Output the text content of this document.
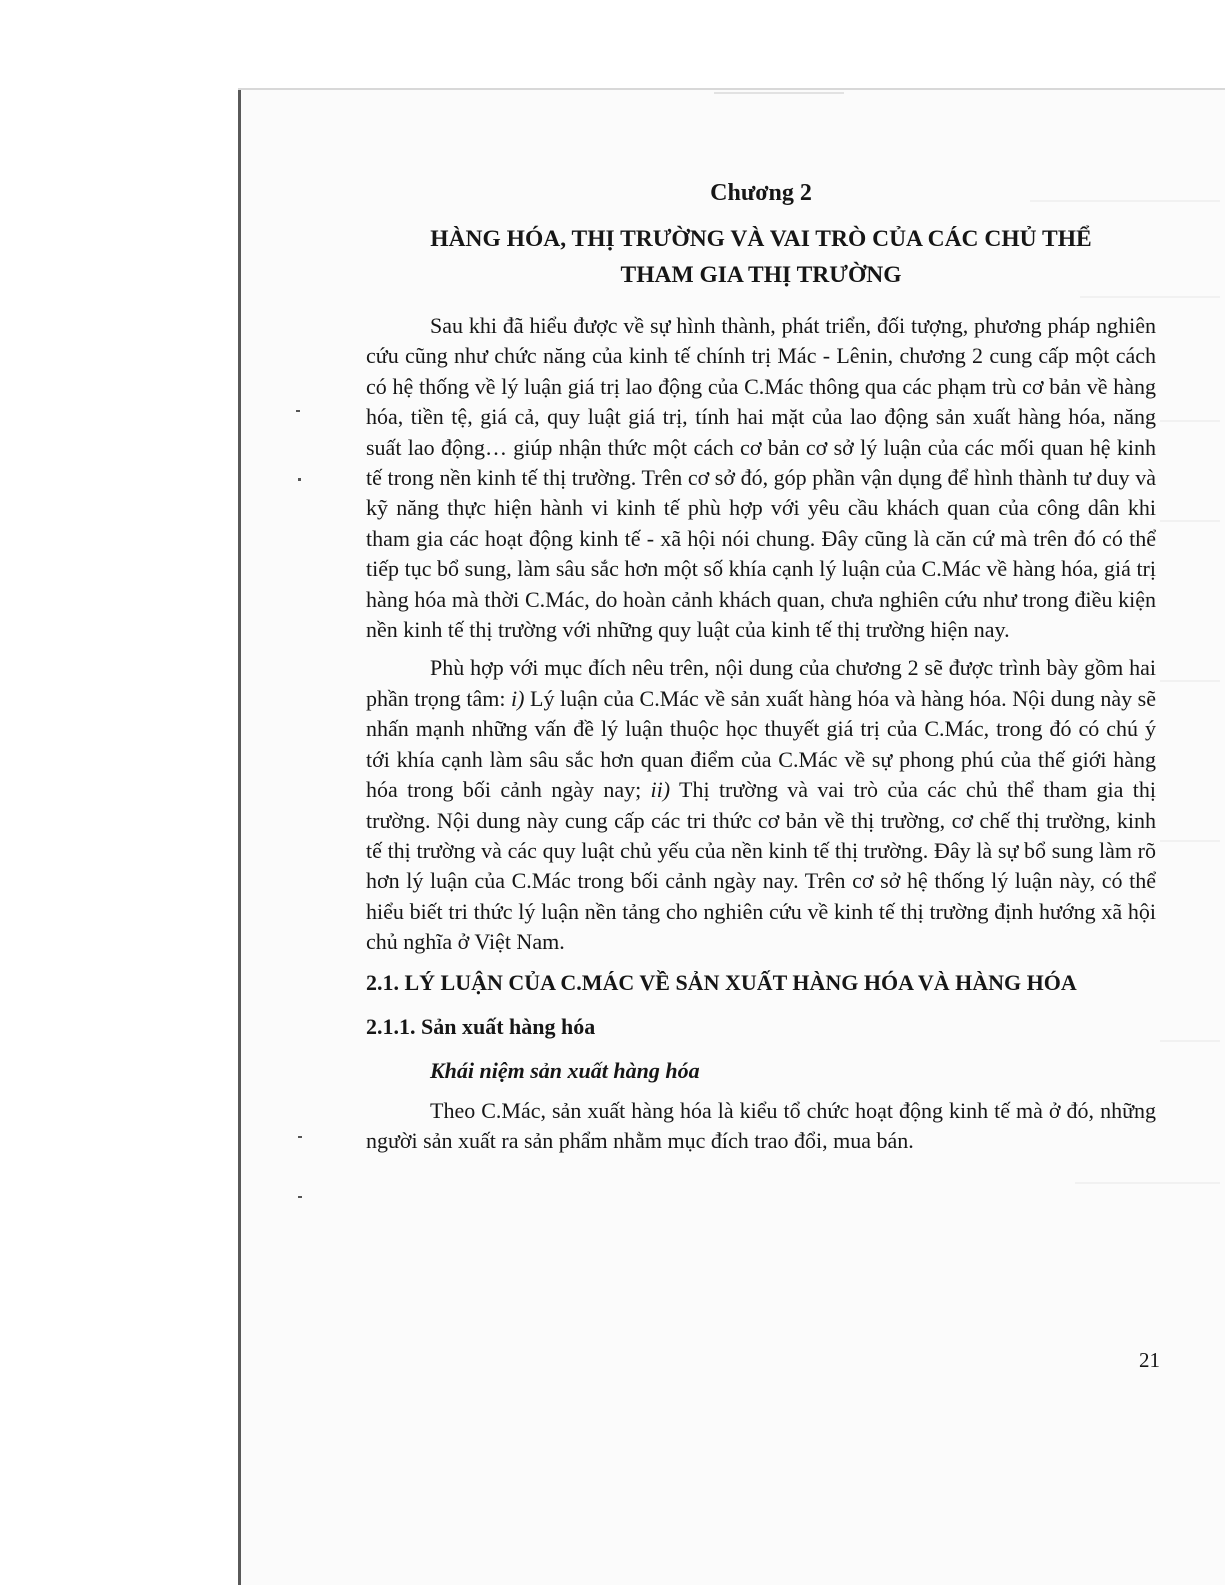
Chương 2
HÀNG HÓA, THỊ TRƯỜNG VÀ VAI TRÒ CỦA CÁC CHỦ THỂ
THAM GIA THỊ TRƯỜNG

Sau khi đã hiểu được về sự hình thành, phát triển, đối tượng, phương pháp nghiên cứu cũng như chức năng của kinh tế chính trị Mác - Lênin, chương 2 cung cấp một cách có hệ thống về lý luận giá trị lao động của C.Mác thông qua các phạm trù cơ bản về hàng hóa, tiền tệ, giá cả, quy luật giá trị, tính hai mặt của lao động sản xuất hàng hóa, năng suất lao động… giúp nhận thức một cách cơ bản cơ sở lý luận của các mối quan hệ kinh tế trong nền kinh tế thị trường. Trên cơ sở đó, góp phần vận dụng để hình thành tư duy và kỹ năng thực hiện hành vi kinh tế phù hợp với yêu cầu khách quan của công dân khi tham gia các hoạt động kinh tế - xã hội nói chung. Đây cũng là căn cứ mà trên đó có thể tiếp tục bổ sung, làm sâu sắc hơn một số khía cạnh lý luận của C.Mác về hàng hóa, giá trị hàng hóa mà thời C.Mác, do hoàn cảnh khách quan, chưa nghiên cứu như trong điều kiện nền kinh tế thị trường với những quy luật của kinh tế thị trường hiện nay.

Phù hợp với mục đích nêu trên, nội dung của chương 2 sẽ được trình bày gồm hai phần trọng tâm: i) Lý luận của C.Mác về sản xuất hàng hóa và hàng hóa. Nội dung này sẽ nhấn mạnh những vấn đề lý luận thuộc học thuyết giá trị của C.Mác, trong đó có chú ý tới khía cạnh làm sâu sắc hơn quan điểm của C.Mác về sự phong phú của thế giới hàng hóa trong bối cảnh ngày nay; ii) Thị trường và vai trò của các chủ thể tham gia thị trường. Nội dung này cung cấp các tri thức cơ bản về thị trường, cơ chế thị trường, kinh tế thị trường và các quy luật chủ yếu của nền kinh tế thị trường. Đây là sự bổ sung làm rõ hơn lý luận của C.Mác trong bối cảnh ngày nay. Trên cơ sở hệ thống lý luận này, có thể hiểu biết tri thức lý luận nền tảng cho nghiên cứu về kinh tế thị trường định hướng xã hội chủ nghĩa ở Việt Nam.

2.1. LÝ LUẬN CỦA C.MÁC VỀ SẢN XUẤT HÀNG HÓA VÀ HÀNG HÓA
2.1.1. Sản xuất hàng hóa
Khái niệm sản xuất hàng hóa

Theo C.Mác, sản xuất hàng hóa là kiểu tổ chức hoạt động kinh tế mà ở đó, những người sản xuất ra sản phẩm nhằm mục đích trao đổi, mua bán.

21
